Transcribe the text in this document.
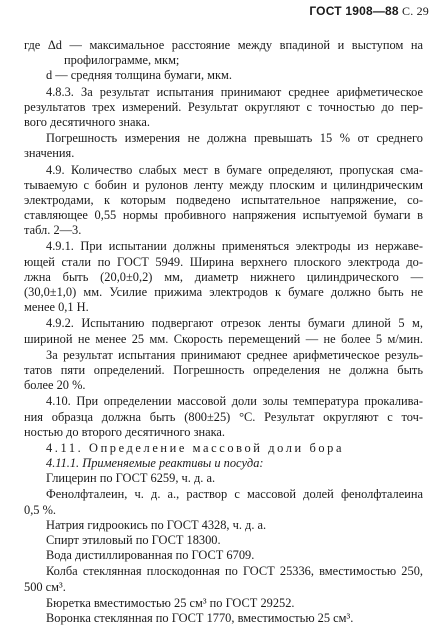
ГОСТ 1908—88 С. 29
где Δd — максимальное расстояние между впадиной и выступом на
профилограмме, мкм;
d — средняя толщина бумаги, мкм.
4.8.3. За результат испытания принимают среднее арифметическое
результатов трех измерений. Результат округляют с точностью до пер-
вого десятичного знака.
Погрешность измерения не должна превышать 15 % от среднего
значения.
4.9. Количество слабых мест в бумаге определяют, пропуская сма-
тываемую с бобин и рулонов ленту между плоским и цилиндрическим
электродами, к которым подведено испытательное напряжение, со-
ставляющее 0,55 нормы пробивного напряжения испытуемой бумаги в
табл. 2—3.
4.9.1. При испытании должны применяться электроды из нержаве-
ющей стали по ГОСТ 5949. Ширина верхнего плоского электрода до-
лжна быть (20,0±0,2) мм, диаметр нижнего цилиндрического —
(30,0±1,0) мм. Усилие прижима электродов к бумаге должно быть не
менее 0,1 Н.
4.9.2. Испытанию подвергают отрезок ленты бумаги длиной 5 м,
шириной не менее 25 мм. Скорость перемещений — не более 5 м/мин.
За результат испытания принимают среднее арифметическое резуль-
татов пяти определений. Погрешность определения не должна быть
более 20 %.
4.10. При определении массовой доли золы температура прокалива-
ния образца должна быть (800±25) °С. Результат округляют с точ-
ностью до второго десятичного знака.
4.11. Определение массовой доли бора
4.11.1. Применяемые реактивы и посуда:
Глицерин по ГОСТ 6259, ч. д. а.
Фенолфталеин, ч. д. а., раствор с массовой долей фенолфталеина
0,5 %.
Натрия гидроокись по ГОСТ 4328, ч. д. а.
Спирт этиловый по ГОСТ 18300.
Вода дистиллированная по ГОСТ 6709.
Колба стеклянная плоскодонная по ГОСТ 25336, вместимостью 250,
500 см³.
Бюретка вместимостью 25 см³ по ГОСТ 29252.
Воронка стеклянная по ГОСТ 1770, вместимостью 25 см³.
